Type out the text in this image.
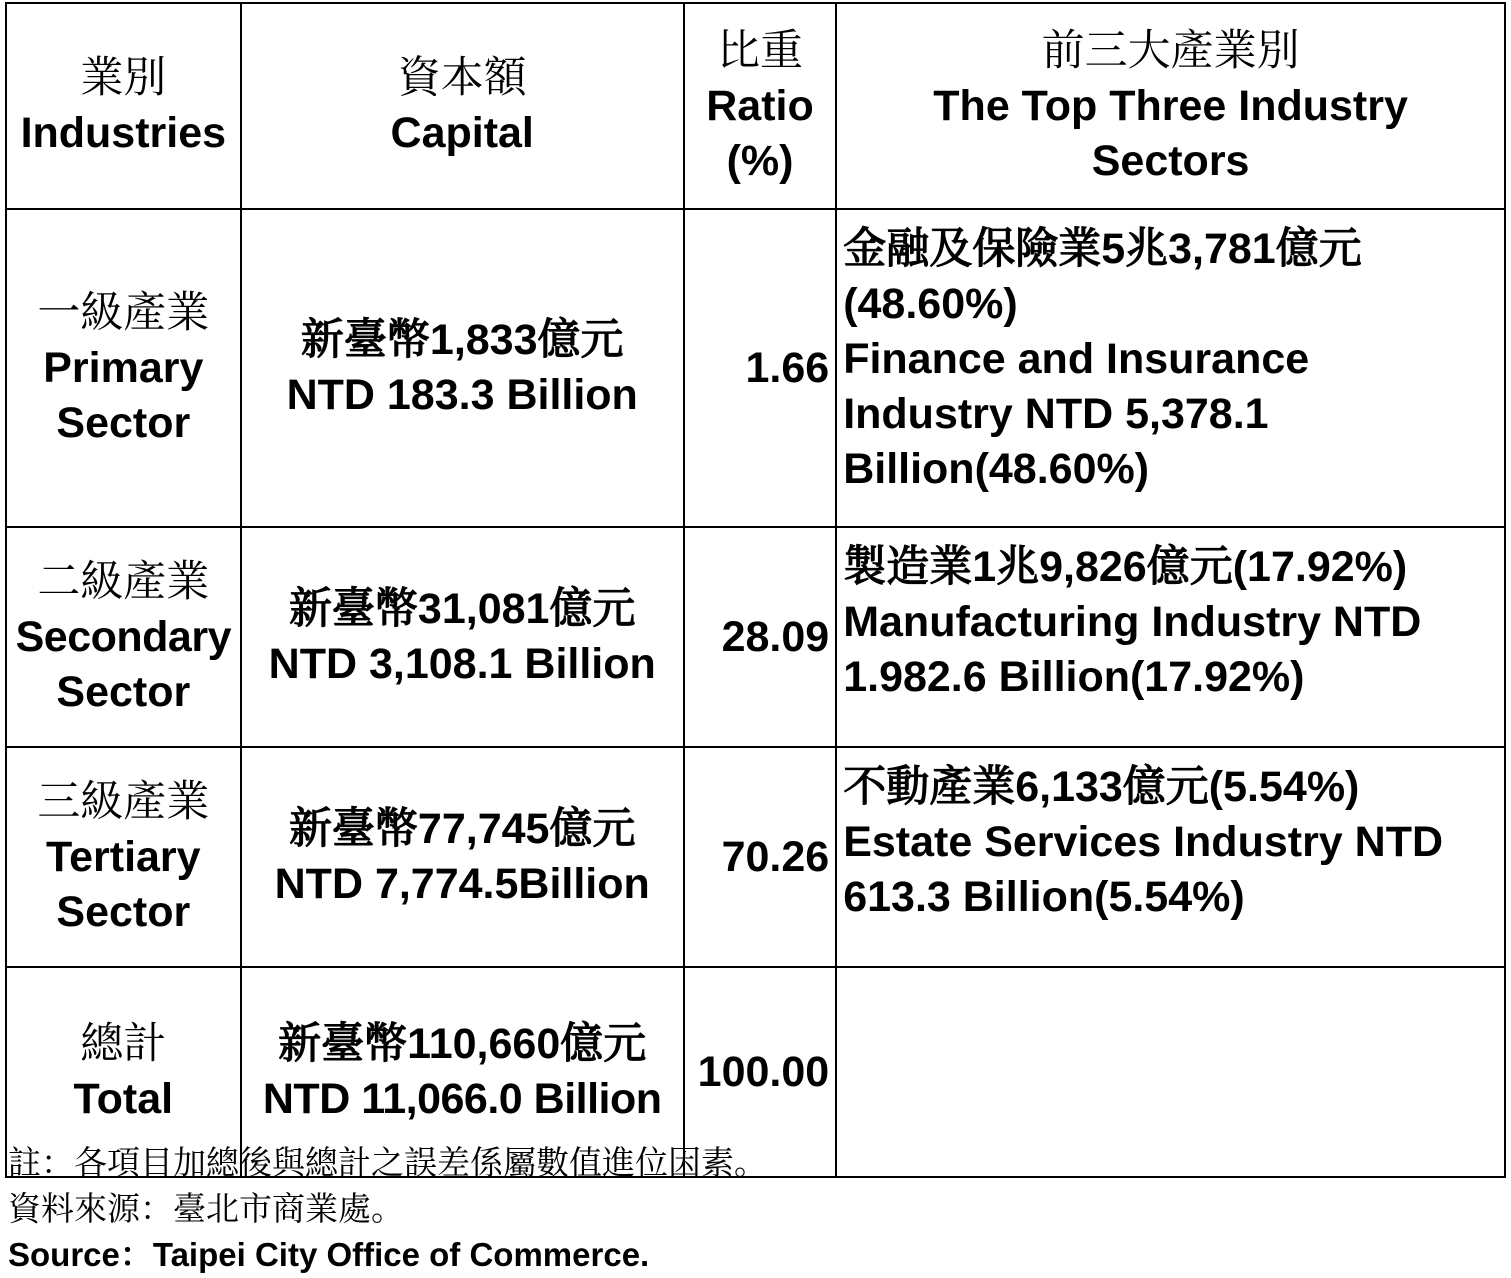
業別
Industries	資本額
Capital	比重
Ratio
(%)	前三大產業別
The Top Three Industry
Sectors

一級產業
Primary
Sector	新臺幣1,833億元
NTD 183.3 Billion	1.66	金融及保險業5兆3,781億元
(48.60%)
Finance and Insurance
Industry NTD 5,378.1
Billion(48.60%)

二級產業
Secondary
Sector	新臺幣31,081億元
NTD 3,108.1 Billion	28.09	製造業1兆9,826億元(17.92%)
Manufacturing Industry NTD
1.982.6 Billion(17.92%)

三級產業
Tertiary
Sector	新臺幣77,745億元
NTD 7,774.5Billion	70.26	不動產業6,133億元(5.54%)
Estate Services Industry NTD
613.3 Billion(5.54%)

總計
Total	新臺幣110,660億元
NTD 11,066.0 Billion	100.00	
註：各項目加總後與總計之誤差係屬數值進位因素。
資料來源：臺北市商業處。
Source：Taipei City Office of Commerce.
